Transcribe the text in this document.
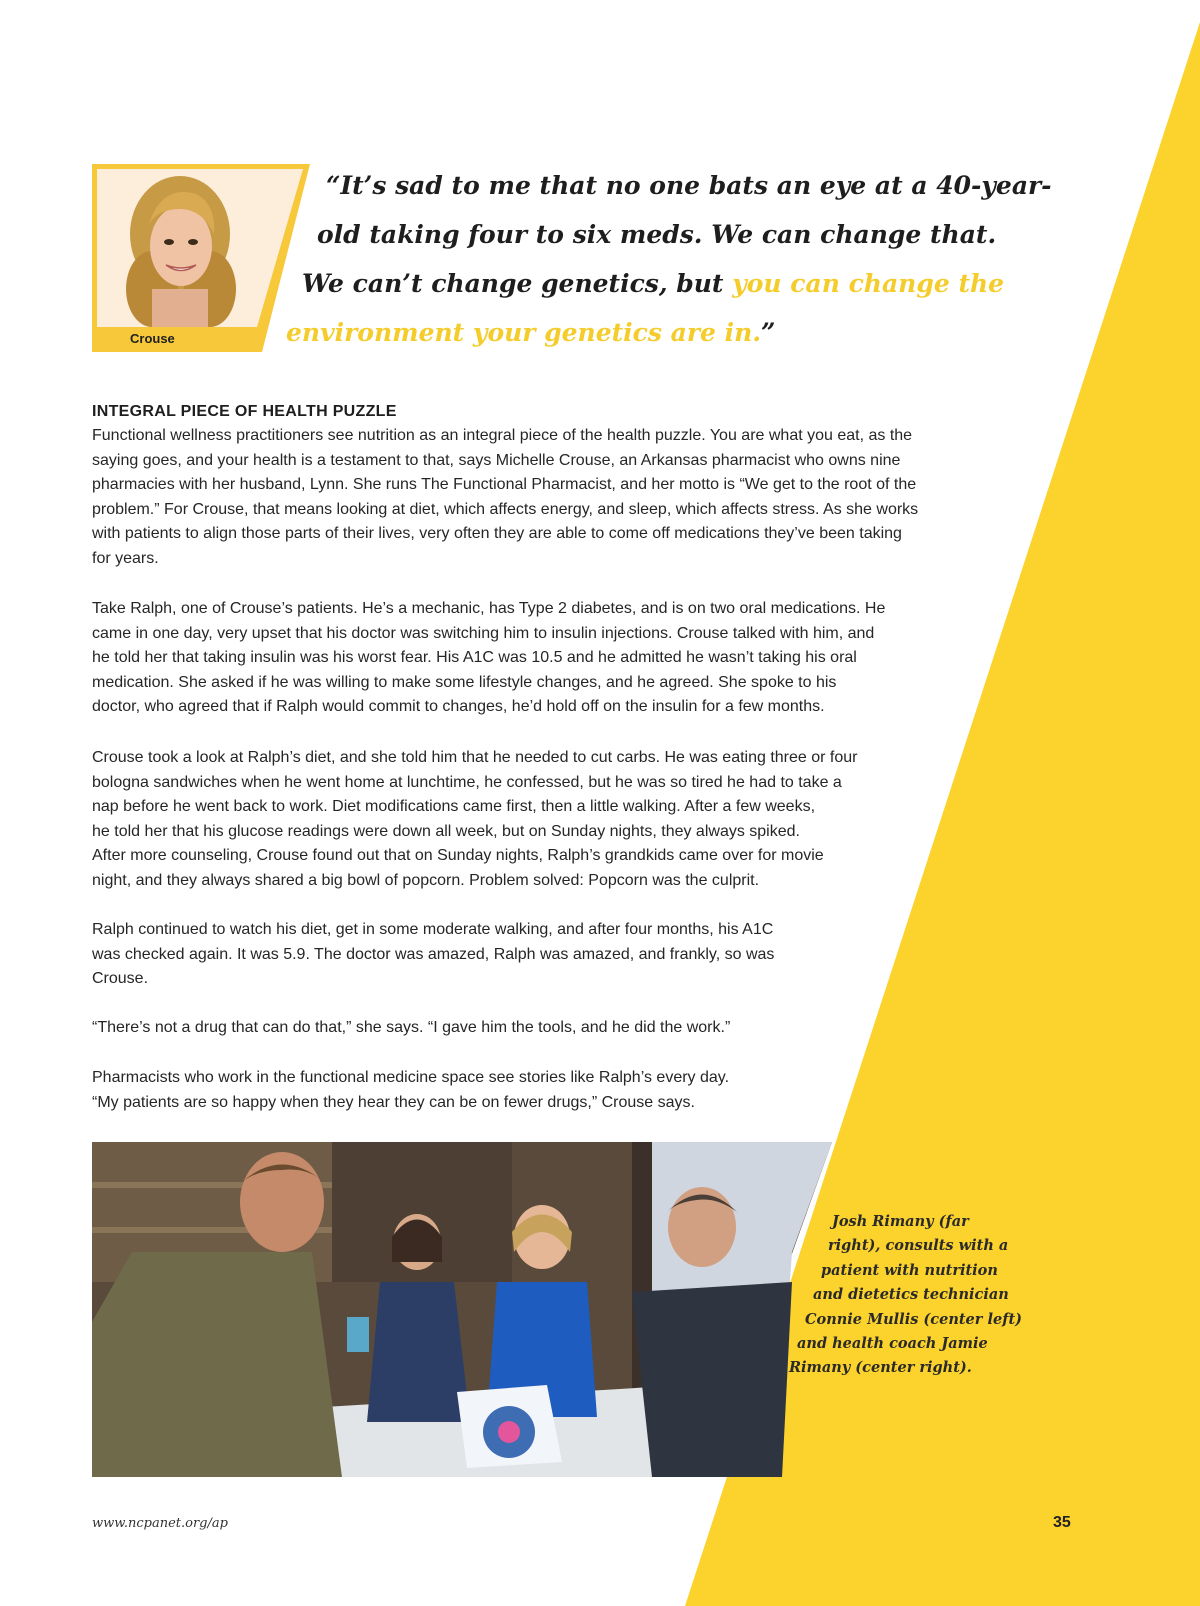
Crouse
“It’s sad to me that no one bats an eye at a 40-year-
old taking four to six meds. We can change that.
We can’t change genetics, but you can change the
environment your genetics are in.”
INTEGRAL PIECE OF HEALTH PUZZLE
Functional wellness practitioners see nutrition as an integral piece of the health puzzle. You are what you eat, as the
saying goes, and your health is a testament to that, says Michelle Crouse, an Arkansas pharmacist who owns nine
pharmacies with her husband, Lynn. She runs The Functional Pharmacist, and her motto is “We get to the root of the
problem.” For Crouse, that means looking at diet, which affects energy, and sleep, which affects stress. As she works
with patients to align those parts of their lives, very often they are able to come off medications they’ve been taking
for years.
Take Ralph, one of Crouse’s patients. He’s a mechanic, has Type 2 diabetes, and is on two oral medications. He
came in one day, very upset that his doctor was switching him to insulin injections. Crouse talked with him, and
he told her that taking insulin was his worst fear. His A1C was 10.5 and he admitted he wasn’t taking his oral
medication. She asked if he was willing to make some lifestyle changes, and he agreed. She spoke to his
doctor, who agreed that if Ralph would commit to changes, he’d hold off on the insulin for a few months.
Crouse took a look at Ralph’s diet, and she told him that he needed to cut carbs. He was eating three or four
bologna sandwiches when he went home at lunchtime, he confessed, but he was so tired he had to take a
nap before he went back to work. Diet modifications came first, then a little walking. After a few weeks,
he told her that his glucose readings were down all week, but on Sunday nights, they always spiked.
After more counseling, Crouse found out that on Sunday nights, Ralph’s grandkids came over for movie
night, and they always shared a big bowl of popcorn. Problem solved: Popcorn was the culprit.
Ralph continued to watch his diet, get in some moderate walking, and after four months, his A1C
was checked again. It was 5.9. The doctor was amazed, Ralph was amazed, and frankly, so was
Crouse.
“There’s not a drug that can do that,” she says. “I gave him the tools, and he did the work.”
Pharmacists who work in the functional medicine space see stories like Ralph’s every day.
“My patients are so happy when they hear they can be on fewer drugs,” Crouse says.
Josh Rimany (far
right), consults with a
patient with nutrition
and dietetics technician
Connie Mullis (center left)
and health coach Jamie
Rimany (center right).
www.ncpanet.org/ap	35
